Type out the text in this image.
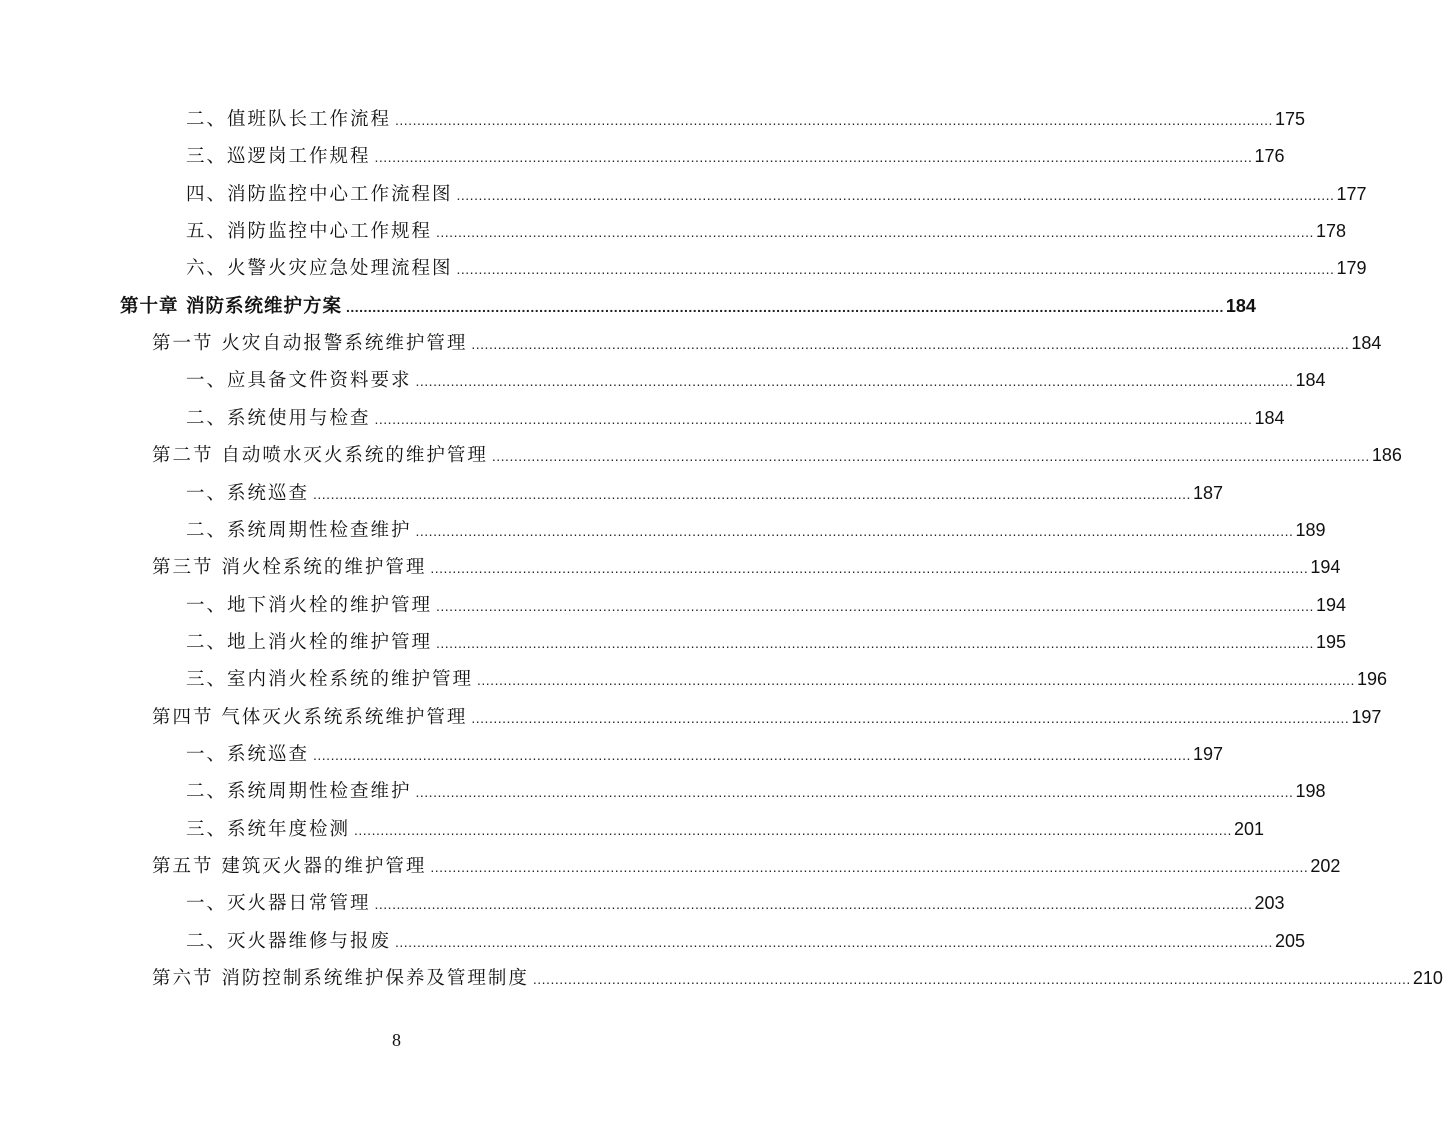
二、值班队长工作流程 ........................................................................................................................................................................................................ 175
三、巡逻岗工作规程 ........................................................................................................................................................................................................ 176
四、消防监控中心工作流程图 ........................................................................................................................................................................................................ 177
五、消防监控中心工作规程 ........................................................................................................................................................................................................ 178
六、火警火灾应急处理流程图 ........................................................................................................................................................................................................ 179
第十章 消防系统维护方案 ........................................................................................................................................................................................................ 184
第一节 火灾自动报警系统维护管理 ........................................................................................................................................................................................................ 184
一、应具备文件资料要求 ........................................................................................................................................................................................................ 184
二、系统使用与检查 ........................................................................................................................................................................................................ 184
第二节 自动喷水灭火系统的维护管理 ........................................................................................................................................................................................................ 186
一、系统巡查 ........................................................................................................................................................................................................ 187
二、系统周期性检查维护 ........................................................................................................................................................................................................ 189
第三节 消火栓系统的维护管理 ........................................................................................................................................................................................................ 194
一、地下消火栓的维护管理 ........................................................................................................................................................................................................ 194
二、地上消火栓的维护管理 ........................................................................................................................................................................................................ 195
三、室内消火栓系统的维护管理 ........................................................................................................................................................................................................ 196
第四节 气体灭火系统系统维护管理 ........................................................................................................................................................................................................ 197
一、系统巡查 ........................................................................................................................................................................................................ 197
二、系统周期性检查维护 ........................................................................................................................................................................................................ 198
三、系统年度检测 ........................................................................................................................................................................................................ 201
第五节 建筑灭火器的维护管理 ........................................................................................................................................................................................................ 202
一、灭火器日常管理 ........................................................................................................................................................................................................ 203
二、灭火器维修与报废 ........................................................................................................................................................................................................ 205
第六节 消防控制系统维护保养及管理制度 ........................................................................................................................................................................................................ 210
8
